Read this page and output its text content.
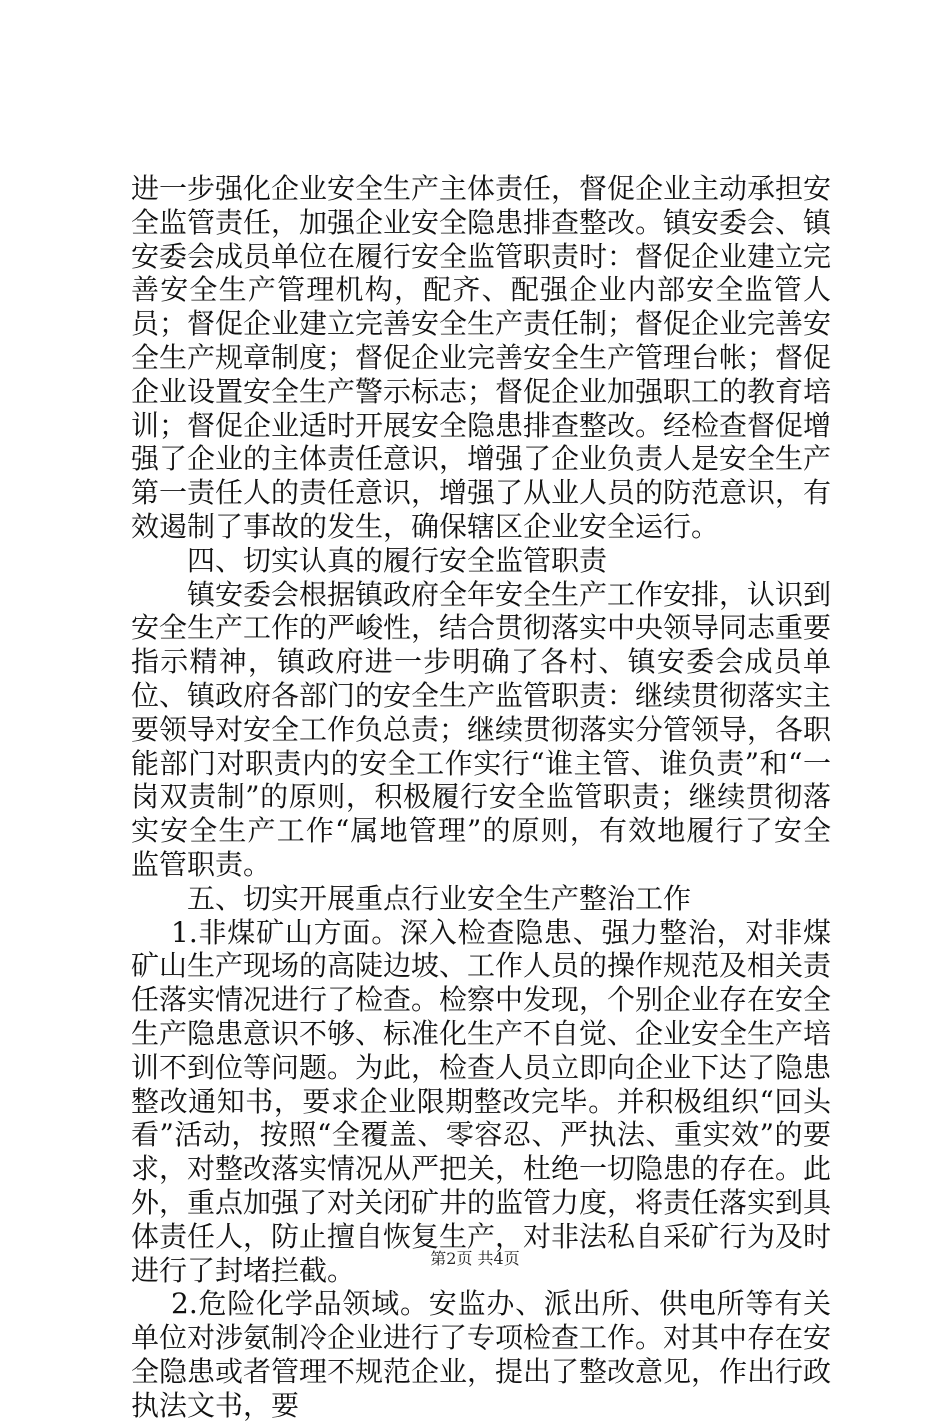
进一步强化企业安全生产主体责任，督促企业主动承担安全监管责任，加强企业安全隐患排查整改。镇安委会、镇安委会成员单位在履行安全监管职责时：督促企业建立完善安全生产管理机构，配齐、配强企业内部安全监管人员；督促企业建立完善安全生产责任制；督促企业完善安全生产规章制度；督促企业完善安全生产管理台帐；督促企业设置安全生产警示标志；督促企业加强职工的教育培训；督促企业适时开展安全隐患排查整改。经检查督促增强了企业的主体责任意识，增强了企业负责人是安全生产第一责任人的责任意识，增强了从业人员的防范意识，有效遏制了事故的发生，确保辖区企业安全运行。

四、切实认真的履行安全监管职责

镇安委会根据镇政府全年安全生产工作安排，认识到安全生产工作的严峻性，结合贯彻落实中央领导同志重要指示精神，镇政府进一步明确了各村、镇安委会成员单位、镇政府各部门的安全生产监管职责：继续贯彻落实主要领导对安全工作负总责；继续贯彻落实分管领导，各职能部门对职责内的安全工作实行“谁主管、谁负责”和“一岗双责制”的原则，积极履行安全监管职责；继续贯彻落实安全生产工作“属地管理”的原则，有效地履行了安全监管职责。

五、切实开展重点行业安全生产整治工作

1.非煤矿山方面。深入检查隐患、强力整治，对非煤矿山生产现场的高陡边坡、工作人员的操作规范及相关责任落实情况进行了检查。检察中发现，个别企业存在安全生产隐患意识不够、标准化生产不自觉、企业安全生产培训不到位等问题。为此，检查人员立即向企业下达了隐患整改通知书，要求企业限期整改完毕。并积极组织“回头看”活动，按照“全覆盖、零容忍、严执法、重实效”的要求，对整改落实情况从严把关，杜绝一切隐患的存在。此外，重点加强了对关闭矿井的监管力度，将责任落实到具体责任人，防止擅自恢复生产，对非法私自采矿行为及时进行了封堵拦截。

2.危险化学品领域。安监办、派出所、供电所等有关单位对涉氨制冷企业进行了专项检查工作。对其中存在安全隐患或者管理不规范企业，提出了整改意见，作出行政执法文书，要

第2页 共4页
